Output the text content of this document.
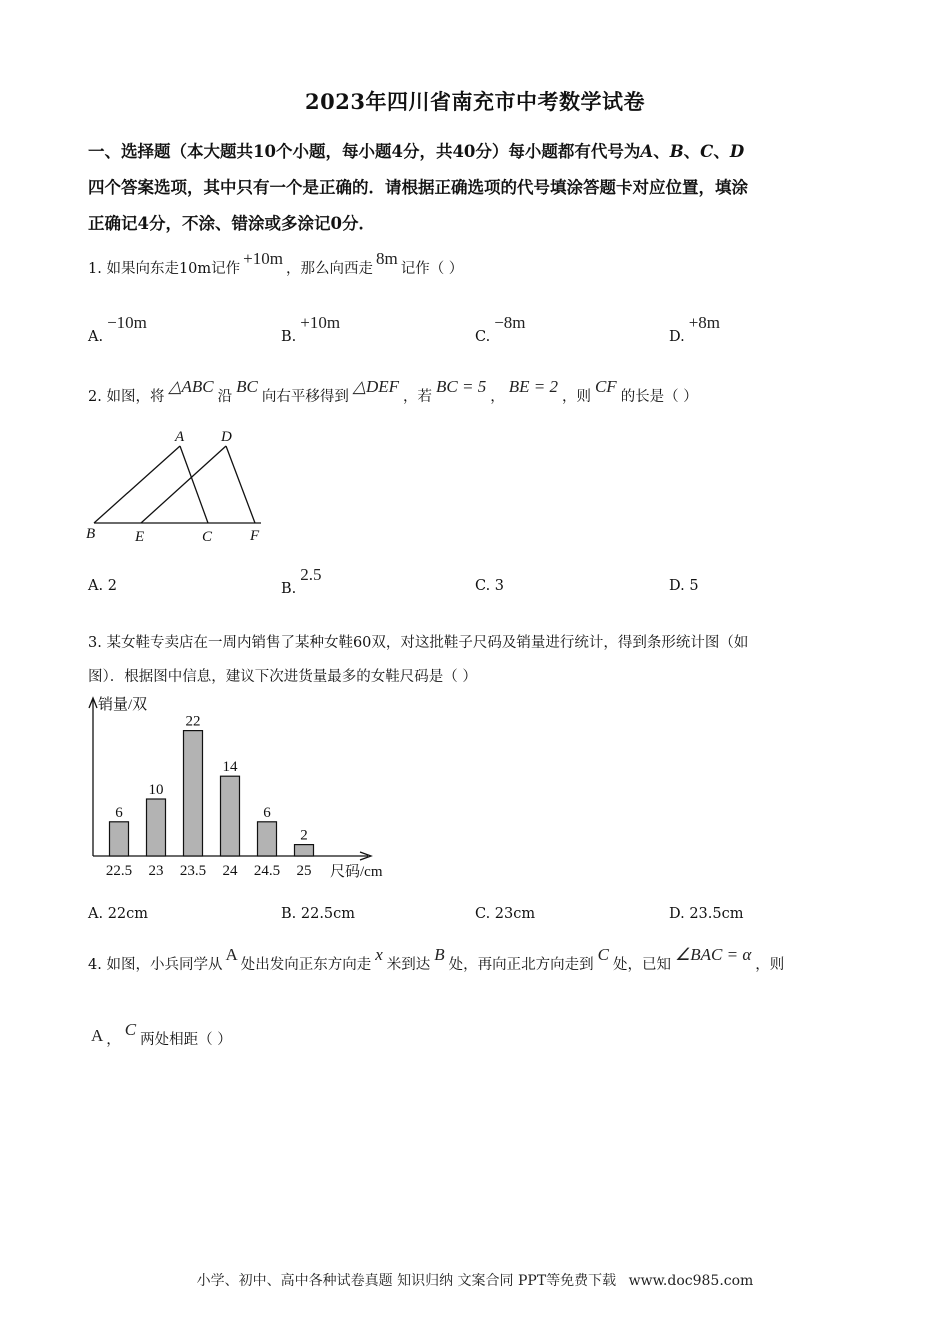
2023年四川省南充市中考数学试卷
一、选择题（本大题共10个小题，每小题4分，共40分）每小题都有代号为A、B、C、D
四个答案选项，其中只有一个是正确的．请根据正确选项的代号填涂答题卡对应位置，填涂
正确记4分，不涂、错涂或多涂记0分．
1. 如果向东走10m记作+10m，那么向西走8m记作（ ）
A.−10m
B.+10m
C.−8m
D.+8m
2. 如图，将△ABC沿BC向右平移得到△DEF，若BC = 5，BE = 2，则CF的长是（ ）
A D
B	E	C	F
A. 2	B.2.5
C. 3	D. 5
3. 某女鞋专卖店在一周内销售了某种女鞋60双，对这批鞋子尺码及销量进行统计，得到条形统计图（如
图）．根据图中信息，建议下次进货量最多的女鞋尺码是（ ）
销量/双
尺码/cm
6
22.5
10
23
22
23.5
14
24
6
24.5
2
25
A. 22cm	B. 22.5cm	C. 23cm	D. 23.5cm
4. 如图，小兵同学从A处出发向正东方向走x米到达B处，再向正北方向走到C处，已知∠BAC = α，则
A ，C两处相距（ ）
小学、初中、高中各种试卷真题 知识归纳 文案合同 PPT等免费下载 www.doc985.com
